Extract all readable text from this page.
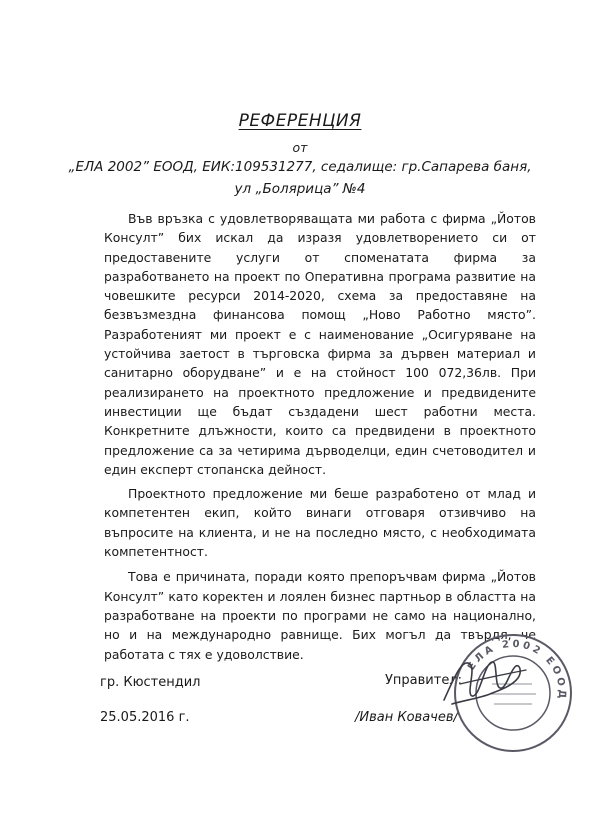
РЕФЕРЕНЦИЯ
от
„ЕЛА 2002” ЕООД, ЕИК:109531277, седалище: гр.Сапарева баня,
ул „Болярица” №4

Във връзка с удовлетворяващата ми работа с фирма „Йотов Консулт” бих искал да изразя удовлетворението си от предоставените услуги от споменатата фирма за разработването на проект по Оперативна програма развитие на човешките ресурси 2014-2020, схема за предоставяне на безвъзмездна финансова помощ „Ново Работно място”. Разработеният ми проект е с наименование „Осигуряване на устойчива заетост в търговска фирма за дървен материал и санитарно оборудване” и е на стойност 100 072,36лв. При реализирането на проектното предложение и предвидените инвестиции ще бъдат създадени шест работни места. Конкретните длъжности, които са предвидени в проектното предложение са за четирима дърводелци, един счетоводител и един експерт стопанска дейност.

Проектното предложение ми беше разработено от млад и компетентен екип, който винаги отговаря отзивчиво на въпросите на клиента, и не на последно място, с необходимата компетентност.

Това е причината, поради която препоръчвам фирма „Йотов Консулт” като коректен и лоялен бизнес партньор в областта на разработване на проекти по програми не само на национално, но и на международно равнище. Бих могъл да твърдя, че работата с тях е удоволствие.

гр. Кюстендил
25.05.2016 г.
Управител:
/Иван Ковачев/
ЕЛА 2002 ЕООД
